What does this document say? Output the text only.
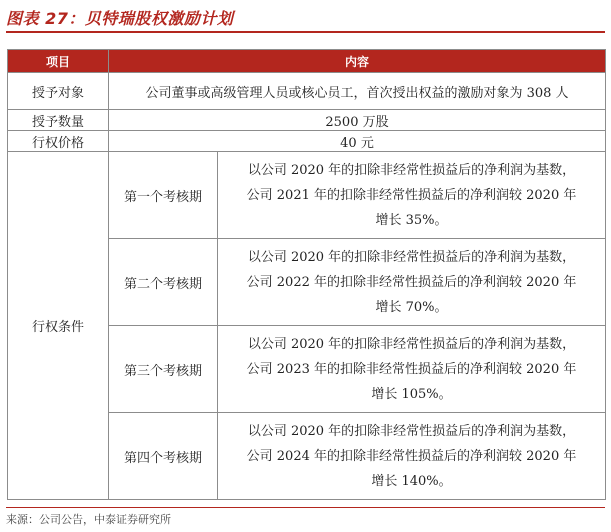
图表 27：贝特瑞股权激励计划
项目	内容	
授予对象	公司董事或高级管理人员或核心员工，首次授出权益的激励对象为 308 人	
授予数量	2500 万股	
行权价格	40 元	
行权条件	第一个考核期	以公司 2020 年的扣除非经常性损益后的净利润为基数，
公司 2021 年的扣除非经常性损益后的净利润较 2020 年
增长 35%。

	第二个考核期	以公司 2020 年的扣除非经常性损益后的净利润为基数，
公司 2022 年的扣除非经常性损益后的净利润较 2020 年
增长 70%。

	第三个考核期	以公司 2020 年的扣除非经常性损益后的净利润为基数，
公司 2023 年的扣除非经常性损益后的净利润较 2020 年
增长 105%。

	第四个考核期	以公司 2020 年的扣除非经常性损益后的净利润为基数，
公司 2024 年的扣除非经常性损益后的净利润较 2020 年
增长 140%。
来源：公司公告，中泰证券研究所
